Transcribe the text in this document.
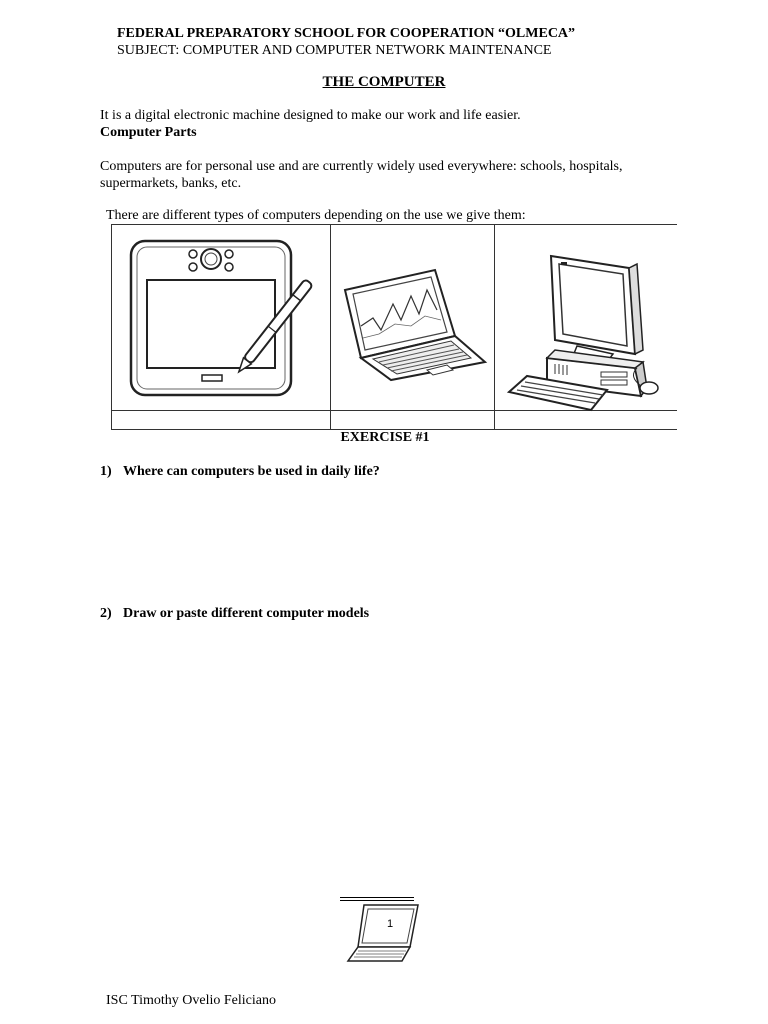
FEDERAL PREPARATORY SCHOOL FOR COOPERATION “OLMECA”
SUBJECT: COMPUTER AND COMPUTER NETWORK MAINTENANCE
THE COMPUTER
It is a digital electronic machine designed to make our work and life easier.
Computer Parts
Computers are for personal use and are currently widely used everywhere: schools, hospitals, supermarkets, banks, etc.
There are different types of computers depending on the use we give them:
EXERCISE #1
1) Where can computers be used in daily life?
2) Draw or paste different computer models
1
ISC Timothy Ovelio Feliciano
